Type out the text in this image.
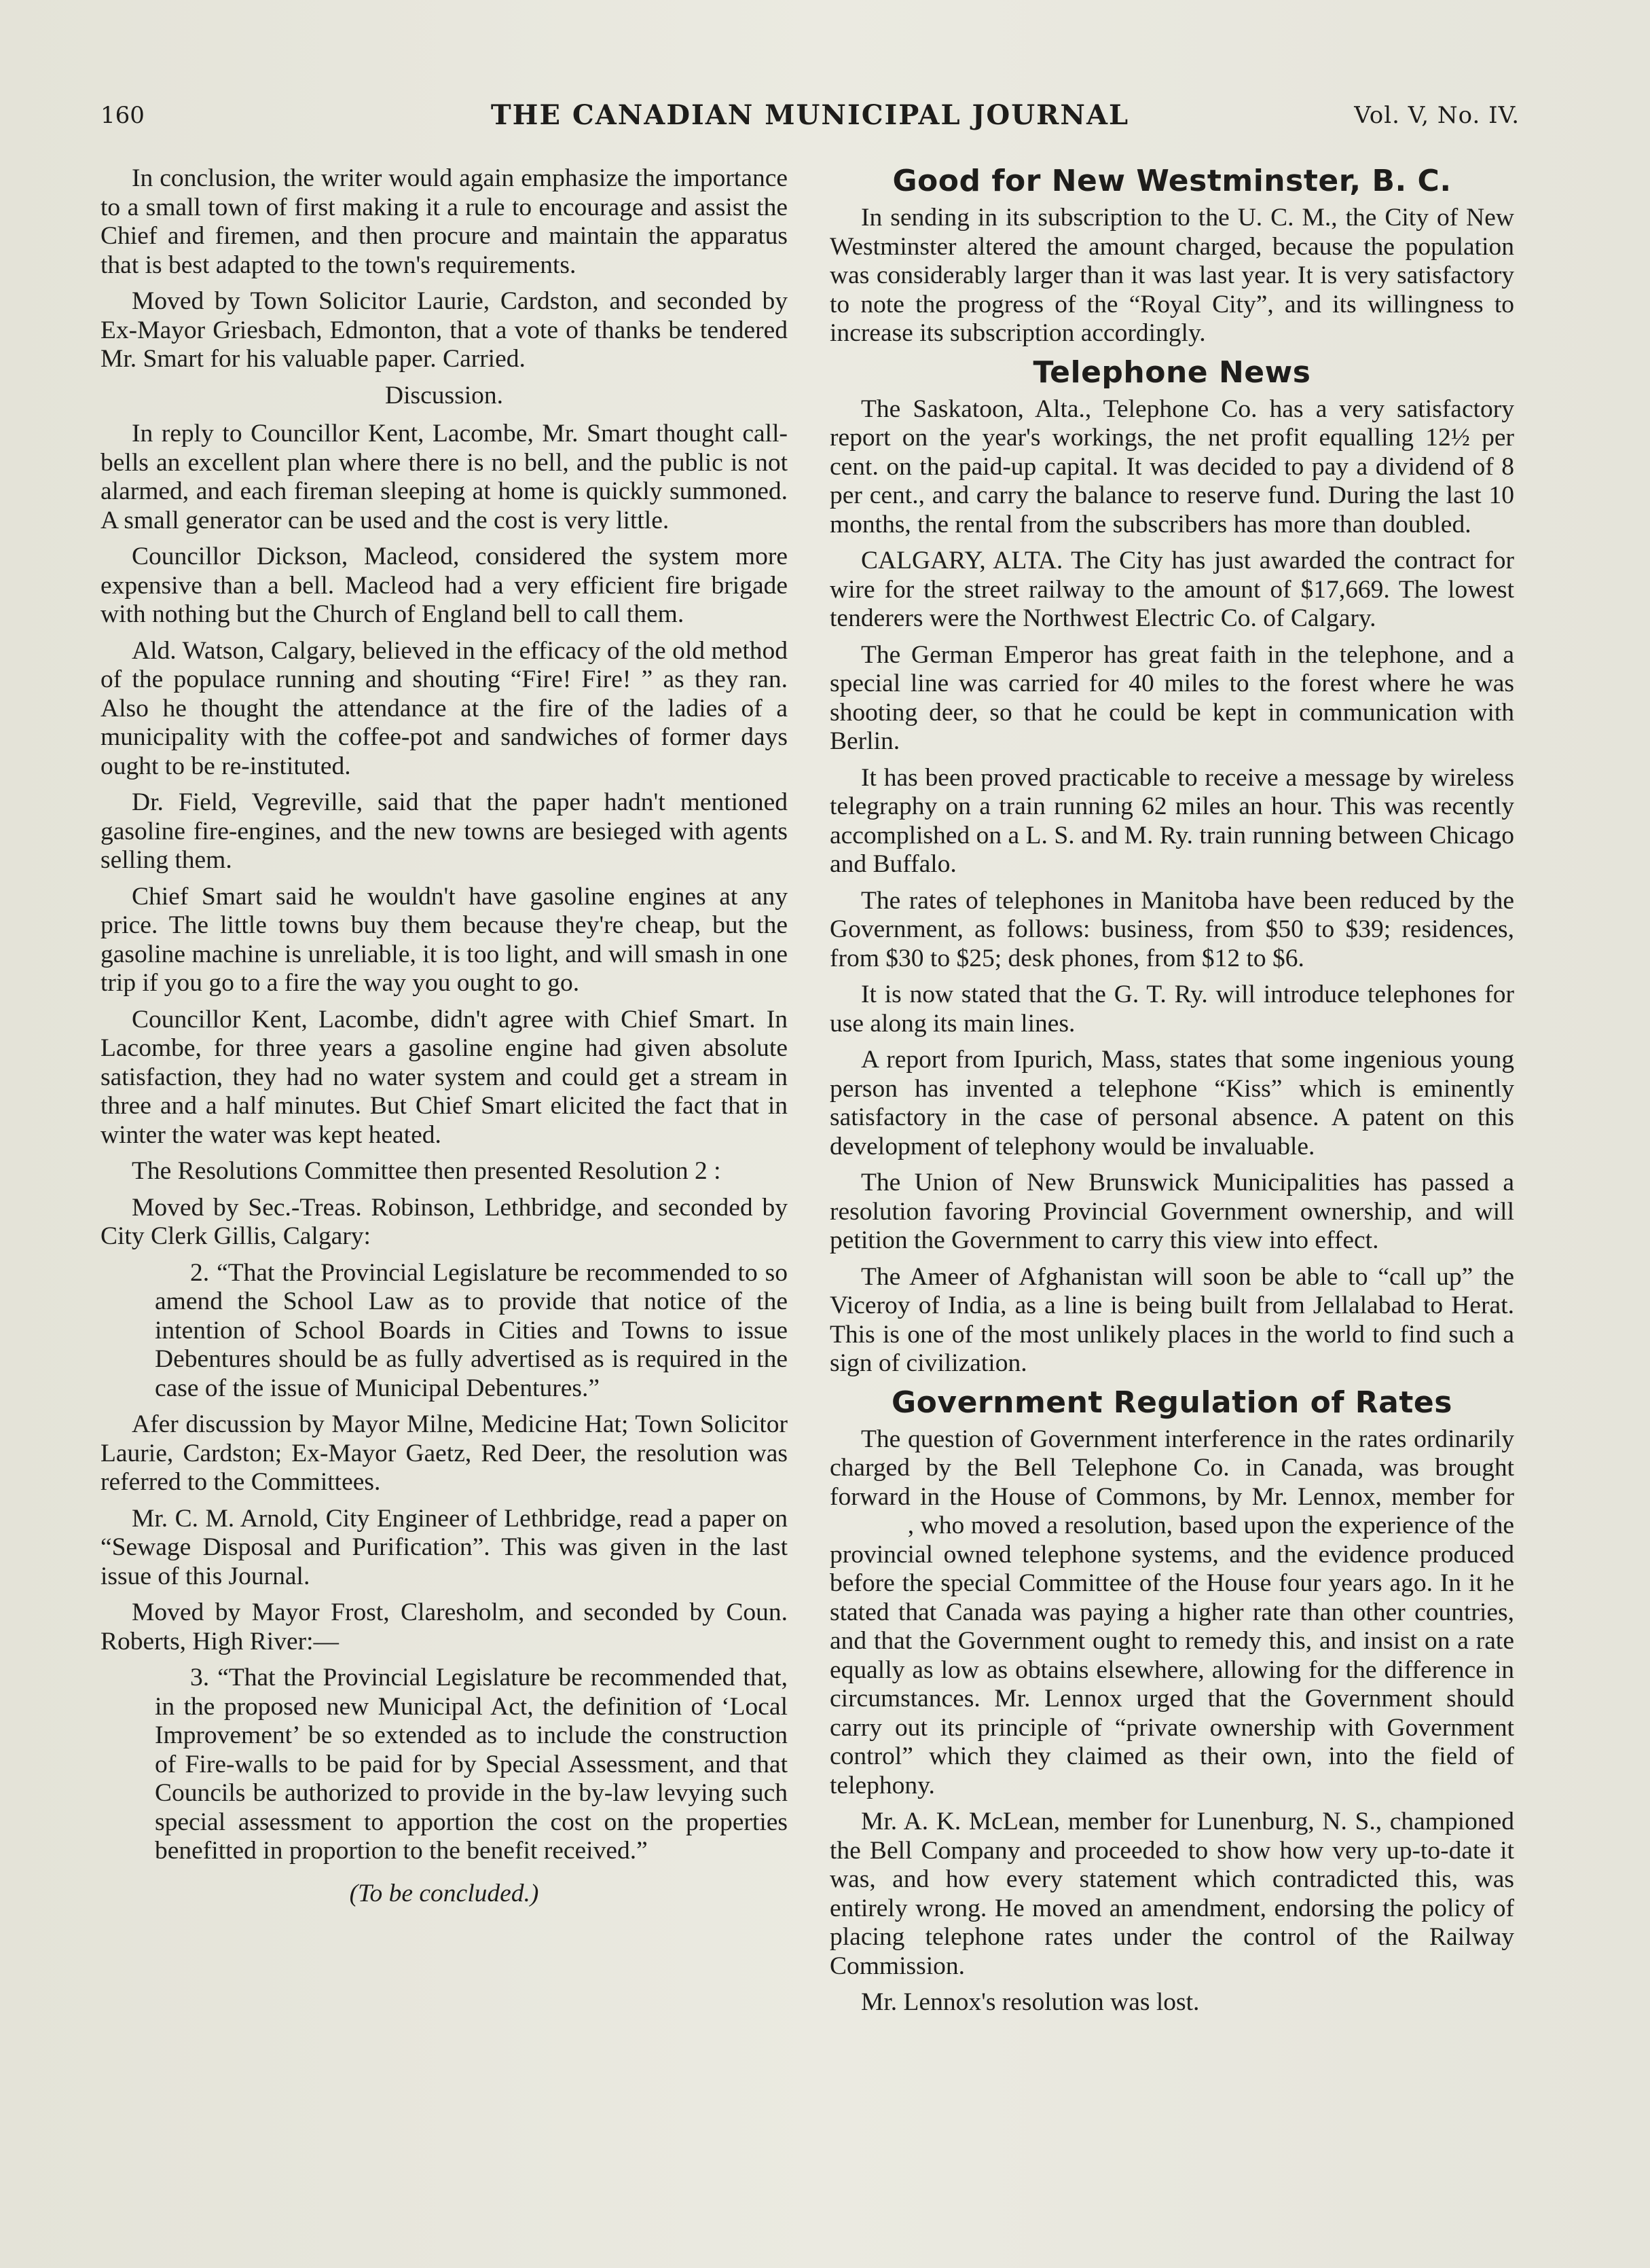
160	THE CANADIAN MUNICIPAL JOURNAL	Vol. V, No. IV.

In conclusion, the writer would again emphasize the importance to a small town of first making it a rule to encourage and assist the Chief and firemen, and then procure and maintain the apparatus that is best adapted to the town's requirements.

Moved by Town Solicitor Laurie, Cardston, and seconded by Ex-Mayor Griesbach, Edmonton, that a vote of thanks be tendered Mr. Smart for his valuable paper. Carried.

Discussion.

In reply to Councillor Kent, Lacombe, Mr. Smart thought call-bells an excellent plan where there is no bell, and the public is not alarmed, and each fireman sleeping at home is quickly summoned. A small generator can be used and the cost is very little.

Councillor Dickson, Macleod, considered the system more expensive than a bell. Macleod had a very efficient fire brigade with nothing but the Church of England bell to call them.

Ald. Watson, Calgary, believed in the efficacy of the old method of the populace running and shouting “Fire! Fire! ” as they ran. Also he thought the attendance at the fire of the ladies of a municipality with the coffee-pot and sandwiches of former days ought to be re-instituted.

Dr. Field, Vegreville, said that the paper hadn't mentioned gasoline fire-engines, and the new towns are besieged with agents selling them.

Chief Smart said he wouldn't have gasoline engines at any price. The little towns buy them because they're cheap, but the gasoline machine is unreliable, it is too light, and will smash in one trip if you go to a fire the way you ought to go.

Councillor Kent, Lacombe, didn't agree with Chief Smart. In Lacombe, for three years a gasoline engine had given absolute satisfaction, they had no water system and could get a stream in three and a half minutes. But Chief Smart elicited the fact that in winter the water was kept heated.

The Resolutions Committee then presented Resolution 2 :

Moved by Sec.-Treas. Robinson, Lethbridge, and seconded by City Clerk Gillis, Calgary:

2. “That the Provincial Legislature be recommended to so amend the School Law as to provide that notice of the intention of School Boards in Cities and Towns to issue Debentures should be as fully advertised as is required in the case of the issue of Municipal Debentures.”

Afer discussion by Mayor Milne, Medicine Hat; Town Solicitor Laurie, Cardston; Ex-Mayor Gaetz, Red Deer, the resolution was referred to the Committees.

Mr. C. M. Arnold, City Engineer of Lethbridge, read a paper on “Sewage Disposal and Purification”. This was given in the last issue of this Journal.

Moved by Mayor Frost, Claresholm, and seconded by Coun. Roberts, High River:—

3. “That the Provincial Legislature be recommended that, in the proposed new Municipal Act, the definition of ‘Local Improvement’ be so extended as to include the construction of Fire-walls to be paid for by Special Assessment, and that Councils be authorized to provide in the by-law levying such special assessment to apportion the cost on the properties benefitted in proportion to the benefit received.”

(To be concluded.)

Good for New Westminster, B. C.

In sending in its subscription to the U. C. M., the City of New Westminster altered the amount charged, because the population was considerably larger than it was last year. It is very satisfactory to note the progress of the “Royal City”, and its willingness to increase its subscription accordingly.

Telephone News

The Saskatoon, Alta., Telephone Co. has a very satisfactory report on the year's workings, the net profit equalling 12½ per cent. on the paid-up capital. It was decided to pay a dividend of 8 per cent., and carry the balance to reserve fund. During the last 10 months, the rental from the subscribers has more than doubled.

CALGARY, ALTA. The City has just awarded the contract for wire for the street railway to the amount of $17,669. The lowest tenderers were the Northwest Electric Co. of Calgary.

The German Emperor has great faith in the telephone, and a special line was carried for 40 miles to the forest where he was shooting deer, so that he could be kept in communication with Berlin.

It has been proved practicable to receive a message by wireless telegraphy on a train running 62 miles an hour. This was recently accomplished on a L. S. and M. Ry. train running between Chicago and Buffalo.

The rates of telephones in Manitoba have been reduced by the Government, as follows: business, from $50 to $39; residences, from $30 to $25; desk phones, from $12 to $6.

It is now stated that the G. T. Ry. will introduce telephones for use along its main lines.

A report from Ipurich, Mass, states that some ingenious young person has invented a telephone “Kiss” which is eminently satisfactory in the case of personal absence. A patent on this development of telephony would be invaluable.

The Union of New Brunswick Municipalities has passed a resolution favoring Provincial Government ownership, and will petition the Government to carry this view into effect.

The Ameer of Afghanistan will soon be able to “call up” the Viceroy of India, as a line is being built from Jellalabad to Herat. This is one of the most unlikely places in the world to find such a sign of civilization.

Government Regulation of Rates

The question of Government interference in the rates ordinarily charged by the Bell Telephone Co. in Canada, was brought forward in the House of Commons, by Mr. Lennox, member for             , who moved a resolution, based upon the experience of the provincial owned telephone systems, and the evidence produced before the special Committee of the House four years ago. In it he stated that Canada was paying a higher rate than other countries, and that the Government ought to remedy this, and insist on a rate equally as low as obtains elsewhere, allowing for the difference in circumstances. Mr. Lennox urged that the Government should carry out its principle of “private ownership with Government control” which they claimed as their own, into the field of telephony.

Mr. A. K. McLean, member for Lunenburg, N. S., championed the Bell Company and proceeded to show how very up-to-date it was, and how every statement which contradicted this, was entirely wrong. He moved an amendment, endorsing the policy of placing telephone rates under the control of the Railway Commission.

Mr. Lennox's resolution was lost.
